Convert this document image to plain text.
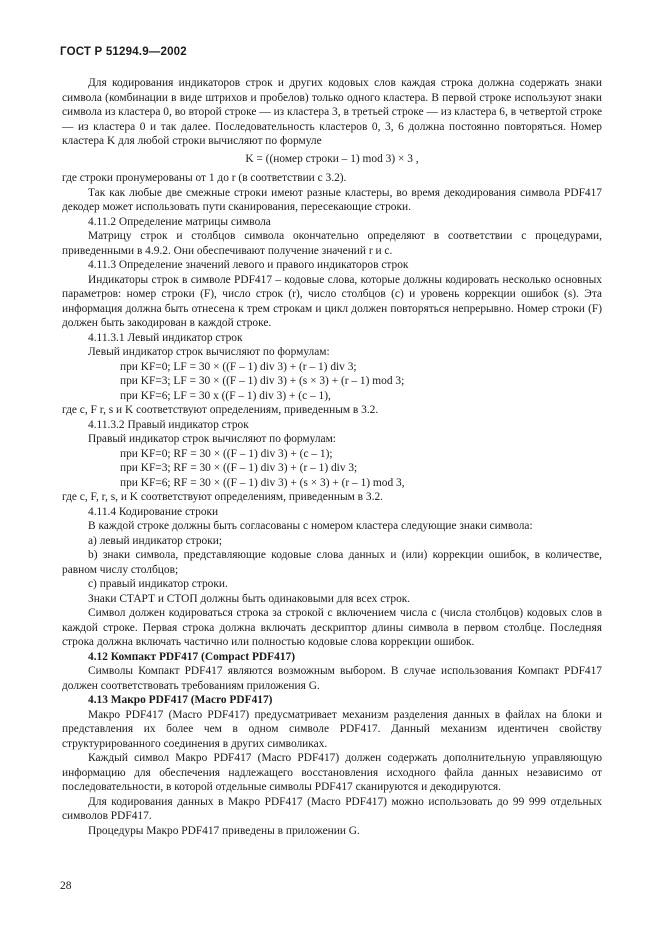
ГОСТ Р 51294.9—2002

Для кодирования индикаторов строк и других кодовых слов каждая строка должна содержать знаки символа (комбинации в виде штрихов и пробелов) только одного кластера. В первой строке используют знаки символа из кластера 0, во второй строке — из кластера 3, в третьей строке — из кластера 6, в четвертой строке — из кластера 0 и так далее. Последовательность кластеров 0, 3, 6 должна постоянно повторяться. Номер кластера K для любой строки вычисляют по формуле

K = ((номер строки – 1) mod 3) × 3 ,

где строки пронумерованы от 1 до r (в соответствии с 3.2).

Так как любые две смежные строки имеют разные кластеры, во время декодирования символа PDF417 декодер может использовать пути сканирования, пересекающие строки.

4.11.2 Определение матрицы символа

Матрицу строк и столбцов символа окончательно определяют в соответствии с процедурами, приведенными в 4.9.2. Они обеспечивают получение значений r и c.

4.11.3 Определение значений левого и правого индикаторов строк

Индикаторы строк в символе PDF417 – кодовые слова, которые должны кодировать несколько основных параметров: номер строки (F), число строк (r), число столбцов (c) и уровень коррекции ошибок (s). Эта информация должна быть отнесена к трем строкам и цикл должен повторяться непрерывно. Номер строки (F) должен быть закодирован в каждой строке.

4.11.3.1 Левый индикатор строк

Левый индикатор строк вычисляют по формулам:

при KF=0; LF = 30 × ((F – 1) div 3) + (r – 1) div 3;

при KF=3; LF = 30 × ((F – 1) div 3) + (s × 3) + (r – 1) mod 3;

при KF=6; LF = 30 x ((F – 1) div 3) + (c – 1),

где c, F r, s и K соответствуют определениям, приведенным в 3.2.

4.11.3.2 Правый индикатор строк

Правый индикатор строк вычисляют по формулам:

при KF=0; RF = 30 × ((F – 1) div 3) + (c – 1);

при KF=3; RF = 30 × ((F – 1) div 3) + (r – 1) div 3;

при KF=6; RF = 30 × ((F – 1) div 3) + (s × 3) + (r – 1) mod 3,

где c, F, r, s, и K соответствуют определениям, приведенным в 3.2.

4.11.4 Кодирование строки

В каждой строке должны быть согласованы с номером кластера следующие знаки символа:

а) левый индикатор строки;

b) знаки символа, представляющие кодовые слова данных и (или) коррекции ошибок, в количестве, равном числу столбцов;

c) правый индикатор строки.

Знаки СТАРТ и СТОП должны быть одинаковыми для всех строк.

Символ должен кодироваться строка за строкой с включением числа c (числа столбцов) кодовых слов в каждой строке. Первая строка должна включать дескриптор длины символа в первом столбце. Последняя строка должна включать частично или полностью кодовые слова коррекции ошибок.

4.12 Компакт PDF417 (Compact PDF417)

Символы Компакт PDF417 являются возможным выбором. В случае использования Компакт PDF417 должен соответствовать требованиям приложения G.

4.13 Макро PDF417 (Macro PDF417)

Макро PDF417 (Macro PDF417) предусматривает механизм разделения данных в файлах на блоки и представления их более чем в одном символе PDF417. Данный механизм идентичен свойству структурированного соединения в других символиках.

Каждый символ Макро PDF417 (Macro PDF417) должен содержать дополнительную управляющую информацию для обеспечения надлежащего восстановления исходного файла данных независимо от последовательности, в которой отдельные символы PDF417 сканируются и декодируются.

Для кодирования данных в Макро PDF417 (Macro PDF417) можно использовать до 99 999 отдельных символов PDF417.

Процедуры Макро PDF417 приведены в приложении G.

28
